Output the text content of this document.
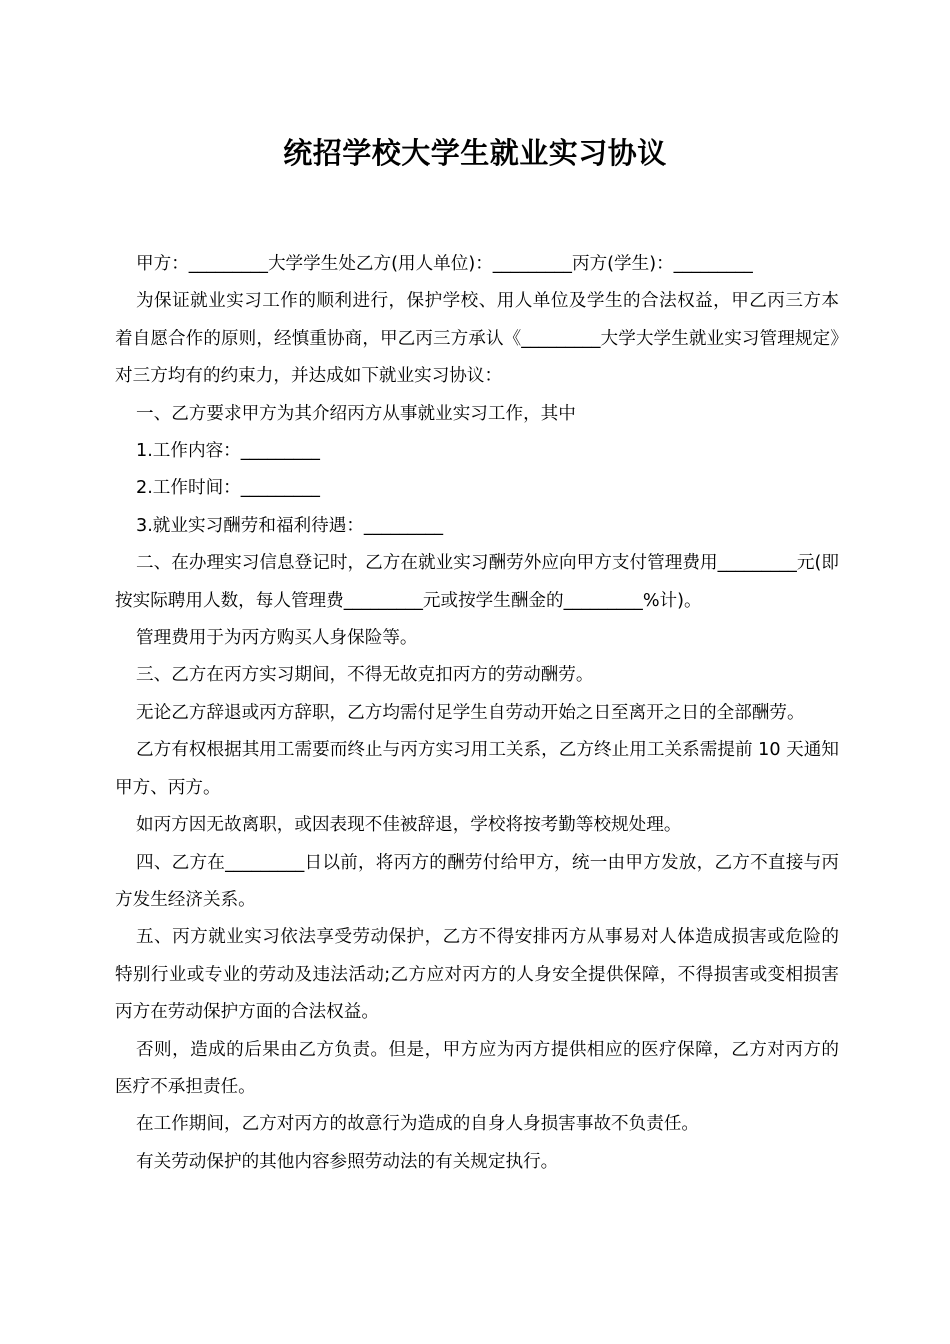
统招学校大学生就业实习协议

甲方：_________大学学生处乙方(用人单位)：_________丙方(学生)：_________

为保证就业实习工作的顺利进行，保护学校、用人单位及学生的合法权益，甲乙丙三方本着自愿合作的原则，经慎重协商，甲乙丙三方承认《_________大学大学生就业实习管理规定》对三方均有的约束力，并达成如下就业实习协议：

一、乙方要求甲方为其介绍丙方从事就业实习工作，其中

1.工作内容：_________

2.工作时间：_________

3.就业实习酬劳和福利待遇：_________

二、在办理实习信息登记时，乙方在就业实习酬劳外应向甲方支付管理费用_________元(即按实际聘用人数，每人管理费_________元或按学生酬金的_________%计)。

管理费用于为丙方购买人身保险等。

三、乙方在丙方实习期间，不得无故克扣丙方的劳动酬劳。

无论乙方辞退或丙方辞职，乙方均需付足学生自劳动开始之日至离开之日的全部酬劳。

乙方有权根据其用工需要而终止与丙方实习用工关系，乙方终止用工关系需提前 10 天通知甲方、丙方。

如丙方因无故离职，或因表现不佳被辞退，学校将按考勤等校规处理。

四、乙方在_________日以前，将丙方的酬劳付给甲方，统一由甲方发放，乙方不直接与丙方发生经济关系。

五、丙方就业实习依法享受劳动保护，乙方不得安排丙方从事易对人体造成损害或危险的特别行业或专业的劳动及违法活动;乙方应对丙方的人身安全提供保障，不得损害或变相损害丙方在劳动保护方面的合法权益。

否则，造成的后果由乙方负责。但是，甲方应为丙方提供相应的医疗保障，乙方对丙方的医疗不承担责任。

在工作期间，乙方对丙方的故意行为造成的自身人身损害事故不负责任。

有关劳动保护的其他内容参照劳动法的有关规定执行。
